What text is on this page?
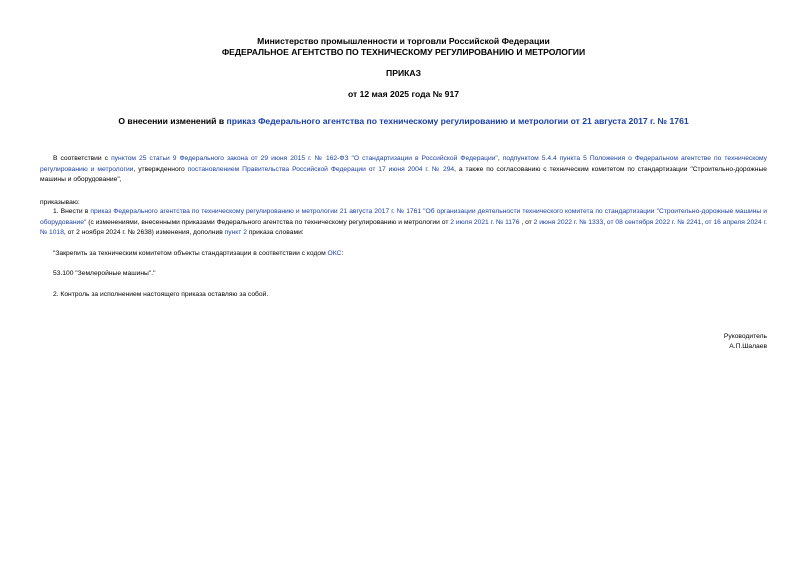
Министерство промышленности и торговли Российской Федерации
ФЕДЕРАЛЬНОЕ АГЕНТСТВО ПО ТЕХНИЧЕСКОМУ РЕГУЛИРОВАНИЮ И МЕТРОЛОГИИ
ПРИКАЗ
от 12 мая 2025 года № 917
О внесении изменений в приказ Федерального агентства по техническому регулированию и метрологии от 21 августа 2017 г. № 1761
В соответствии с пунктом 25 статьи 9 Федерального закона от 29 июня 2015 г. № 162-ФЗ "О стандартизации в Российской Федерации", подпунктом 5.4.4 пункта 5 Положения о Федеральном агентстве по техническому регулированию и метрологии, утвержденного постановлением Правительства Российской Федерации от 17 июня 2004 г. № 294, а также по согласованию с техническим комитетом по стандартизации "Строительно-дорожные машины и оборудование",
приказываю:
1. Внести в приказ Федерального агентства по техническому регулированию и метрологии 21 августа 2017 г. № 1761 "Об организации деятельности технического комитета по стандартизации "Строительно-дорожные машины и оборудование" (с изменениями, внесенными приказами Федерального агентства по техническому регулированию и метрологии от 2 июля 2021 г. № 1176 , от 2 июня 2022 г. № 1333, от 08 сентября 2022 г. № 2241, от 16 апреля 2024 г. № 1018, от 2 ноября 2024 г. № 2638) изменения, дополнив пункт 2 приказа словами:
"Закрепить за техническим комитетом объекты стандартизации в соответствии с кодом ОКС:
53.100 "Землеройные машины"."
2. Контроль за исполнением настоящего приказа оставляю за собой.
Руководитель
А.П.Шалаев
